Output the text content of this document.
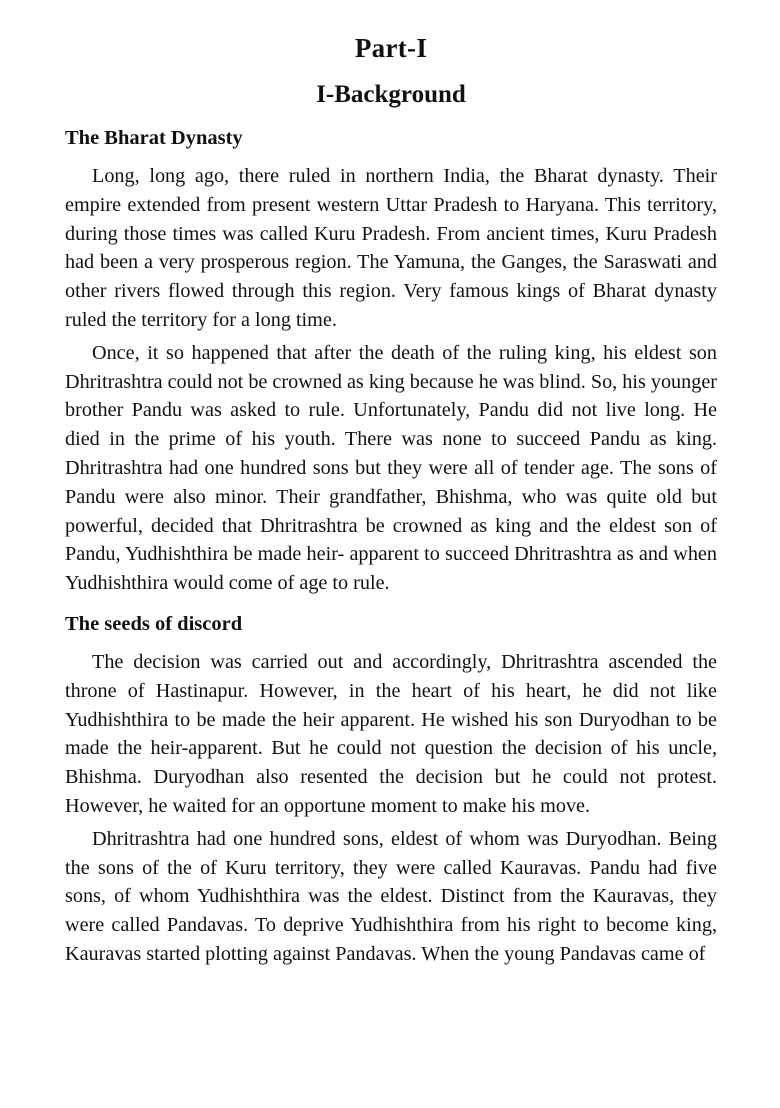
Part-I
I-Background
The Bharat Dynasty

Long, long ago, there ruled in northern India, the Bharat dynasty. Their empire extended from present western Uttar Pradesh to Haryana. This territory, during those times was called Kuru Pradesh. From ancient times, Kuru Pradesh had been a very prosperous region. The Yamuna, the Ganges, the Saraswati and other rivers flowed through this region. Very famous kings of Bharat dynasty ruled the territory for a long time.

Once, it so happened that after the death of the ruling king, his eldest son Dhritrashtra could not be crowned as king because he was blind. So, his younger brother Pandu was asked to rule. Unfortunately, Pandu did not live long. He died in the prime of his youth. There was none to succeed Pandu as king. Dhritrashtra had one hundred sons but they were all of tender age. The sons of Pandu were also minor. Their grandfather, Bhishma, who was quite old but powerful, decided that Dhritrashtra be crowned as king and the eldest son of Pandu, Yudhishthira be made heir- apparent to succeed Dhritrashtra as and when Yudhishthira would come of age to rule.

The seeds of discord

The decision was carried out and accordingly, Dhritrashtra ascended the throne of Hastinapur. However, in the heart of his heart, he did not like Yudhishthira to be made the heir apparent. He wished his son Duryodhan to be made the heir-apparent. But he could not question the decision of his uncle, Bhishma. Duryodhan also resented the decision but he could not protest. However, he waited for an opportune moment to make his move.

Dhritrashtra had one hundred sons, eldest of whom was Duryodhan. Being the sons of the of Kuru territory, they were called Kauravas. Pandu had five sons, of whom Yudhishthira was the eldest. Distinct from the Kauravas, they were called Pandavas. To deprive Yudhishthira from his right to become king, Kauravas started plotting against Pandavas. When the young Pandavas came of
